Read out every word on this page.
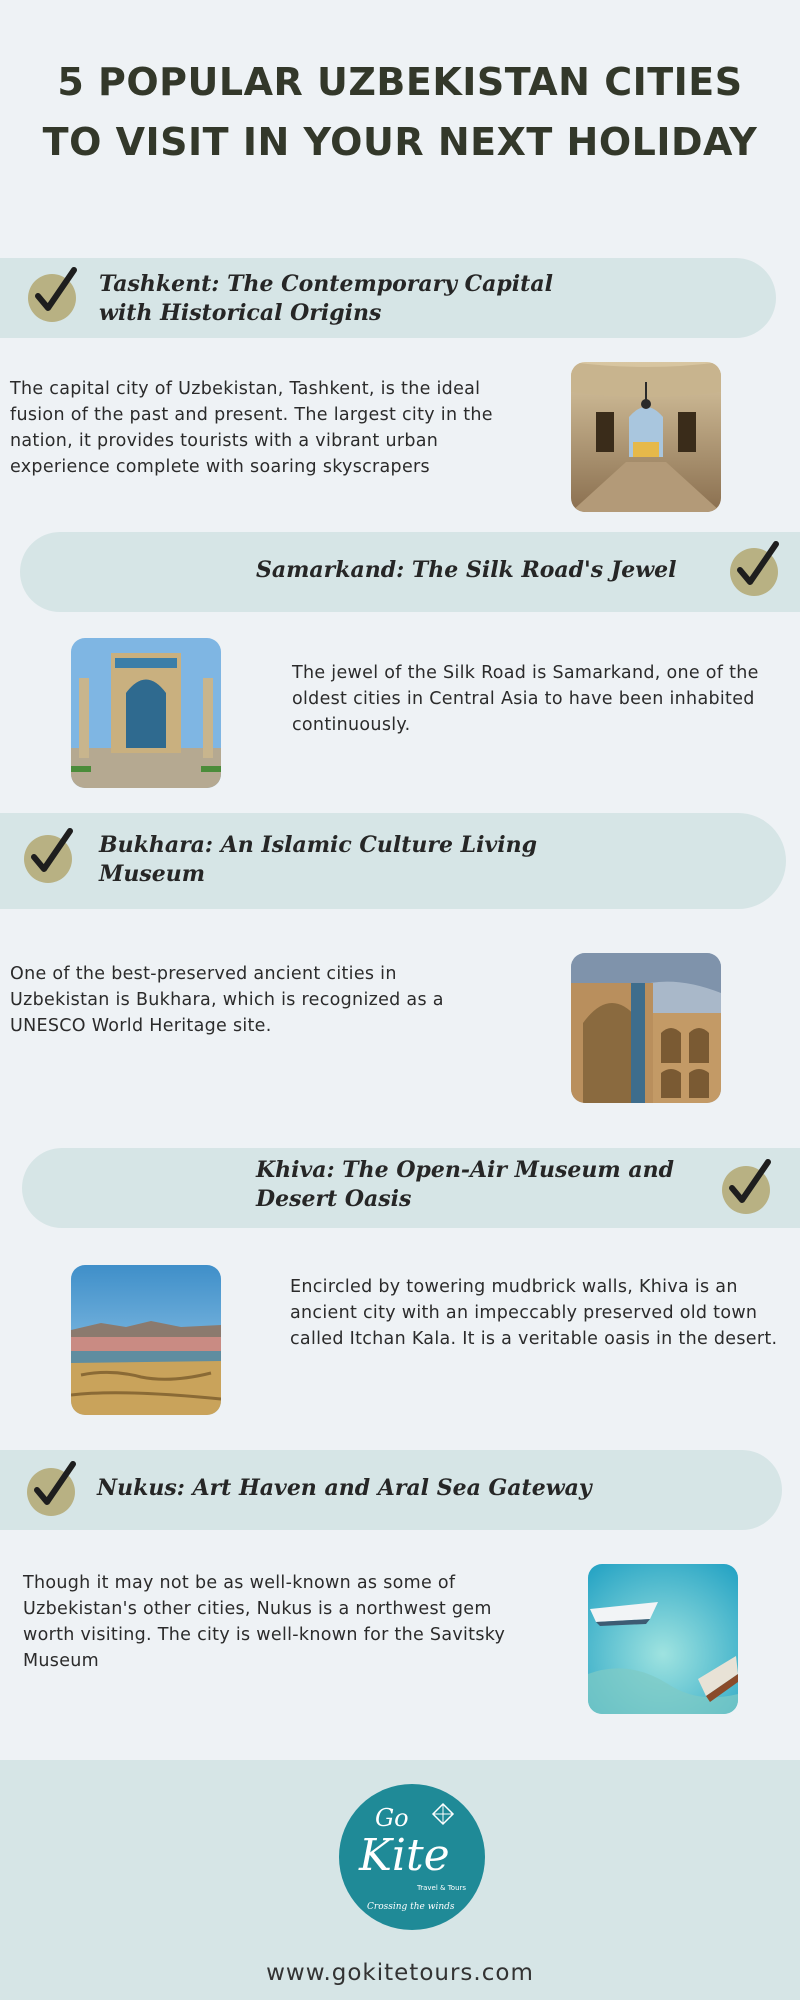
5 POPULAR UZBEKISTAN CITIES
TO VISIT IN YOUR NEXT HOLIDAY
Tashkent: The Contemporary Capital
with Historical Origins
The capital city of Uzbekistan, Tashkent, is the ideal fusion of the past and present. The largest city in the nation, it provides tourists with a vibrant urban experience complete with soaring skyscrapers
Samarkand: The Silk Road's Jewel
The jewel of the Silk Road is Samarkand, one of the oldest cities in Central Asia to have been inhabited continuously.
Bukhara: An Islamic Culture Living
Museum
One of the best-preserved ancient cities in Uzbekistan is Bukhara, which is recognized as a UNESCO World Heritage site.
Khiva: The Open-Air Museum and
Desert Oasis
Encircled by towering mudbrick walls, Khiva is an ancient city with an impeccably preserved old town called Itchan Kala. It is a veritable oasis in the desert.
Nukus: Art Haven and Aral Sea Gateway
Though it may not be as well-known as some of Uzbekistan's other cities, Nukus is a northwest gem worth visiting. The city is well-known for the Savitsky Museum
Go
Kite
Travel & Tours
Crossing the winds
www.gokitetours.com
